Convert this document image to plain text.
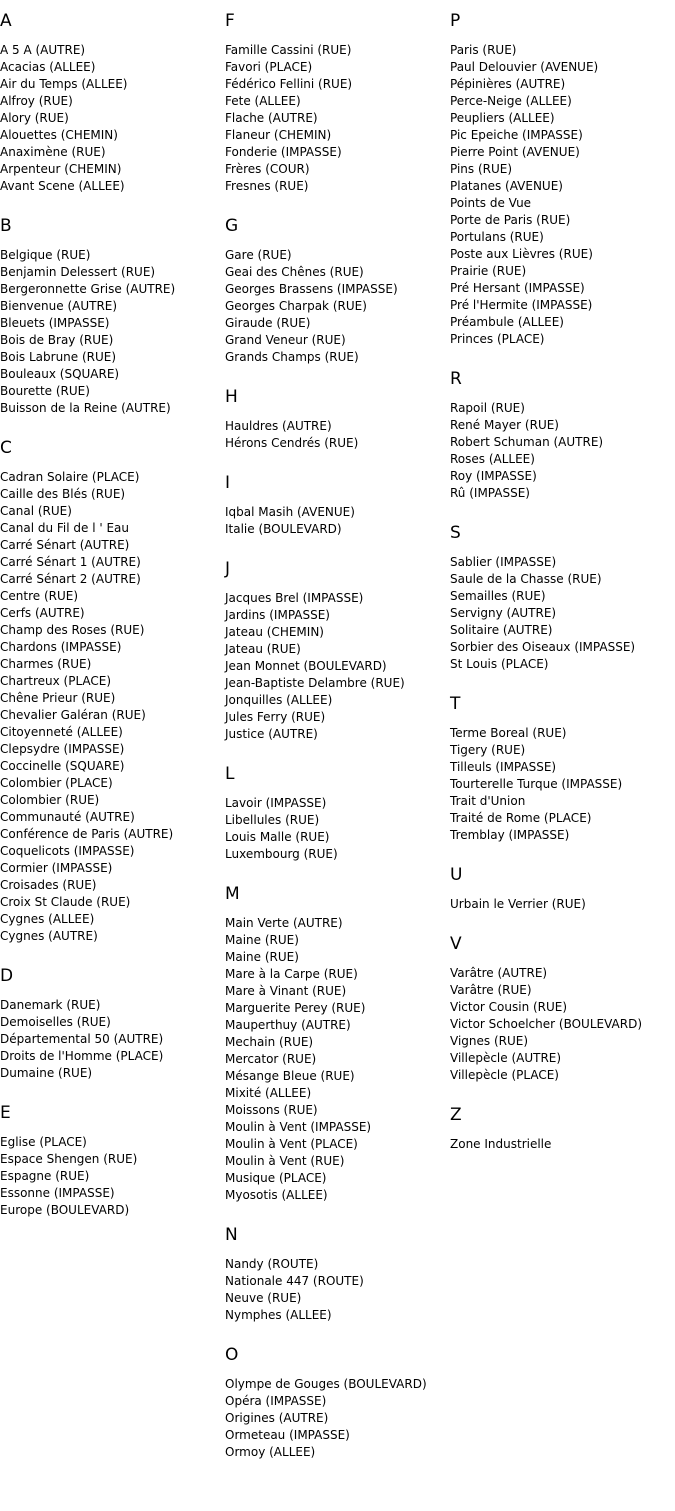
A
A 5 A (AUTRE)
Acacias (ALLEE)
Air du Temps (ALLEE)
Alfroy (RUE)
Alory (RUE)
Alouettes (CHEMIN)
Anaximène (RUE)
Arpenteur (CHEMIN)
Avant Scene (ALLEE)
B
Belgique (RUE)
Benjamin Delessert (RUE)
Bergeronnette Grise (AUTRE)
Bienvenue (AUTRE)
Bleuets (IMPASSE)
Bois de Bray (RUE)
Bois Labrune (RUE)
Bouleaux (SQUARE)
Bourette (RUE)
Buisson de la Reine (AUTRE)
C
Cadran Solaire (PLACE)
Caille des Blés (RUE)
Canal (RUE)
Canal du Fil de l ' Eau
Carré Sénart (AUTRE)
Carré Sénart 1 (AUTRE)
Carré Sénart 2 (AUTRE)
Centre (RUE)
Cerfs (AUTRE)
Champ des Roses (RUE)
Chardons (IMPASSE)
Charmes (RUE)
Chartreux (PLACE)
Chêne Prieur (RUE)
Chevalier Galéran (RUE)
Citoyenneté (ALLEE)
Clepsydre (IMPASSE)
Coccinelle (SQUARE)
Colombier (PLACE)
Colombier (RUE)
Communauté (AUTRE)
Conférence de Paris (AUTRE)
Coquelicots (IMPASSE)
Cormier (IMPASSE)
Croisades (RUE)
Croix St Claude (RUE)
Cygnes (ALLEE)
Cygnes (AUTRE)
D
Danemark (RUE)
Demoiselles (RUE)
Départemental 50 (AUTRE)
Droits de l'Homme (PLACE)
Dumaine (RUE)
E
Eglise (PLACE)
Espace Shengen (RUE)
Espagne (RUE)
Essonne (IMPASSE)
Europe (BOULEVARD)
F
Famille Cassini (RUE)
Favori (PLACE)
Fédérico Fellini (RUE)
Fete (ALLEE)
Flache (AUTRE)
Flaneur (CHEMIN)
Fonderie (IMPASSE)
Frères (COUR)
Fresnes (RUE)
G
Gare (RUE)
Geai des Chênes (RUE)
Georges Brassens (IMPASSE)
Georges Charpak (RUE)
Giraude (RUE)
Grand Veneur (RUE)
Grands Champs (RUE)
H
Hauldres (AUTRE)
Hérons Cendrés (RUE)
I
Iqbal Masih (AVENUE)
Italie (BOULEVARD)
J
Jacques Brel (IMPASSE)
Jardins (IMPASSE)
Jateau (CHEMIN)
Jateau (RUE)
Jean Monnet (BOULEVARD)
Jean-Baptiste Delambre (RUE)
Jonquilles (ALLEE)
Jules Ferry (RUE)
Justice (AUTRE)
L
Lavoir (IMPASSE)
Libellules (RUE)
Louis Malle (RUE)
Luxembourg (RUE)
M
Main Verte (AUTRE)
Maine (RUE)
Maine (RUE)
Mare à la Carpe (RUE)
Mare à Vinant (RUE)
Marguerite Perey (RUE)
Mauperthuy (AUTRE)
Mechain (RUE)
Mercator (RUE)
Mésange Bleue (RUE)
Mixité (ALLEE)
Moissons (RUE)
Moulin à Vent (IMPASSE)
Moulin à Vent (PLACE)
Moulin à Vent (RUE)
Musique (PLACE)
Myosotis (ALLEE)
N
Nandy (ROUTE)
Nationale 447 (ROUTE)
Neuve (RUE)
Nymphes (ALLEE)
O
Olympe de Gouges (BOULEVARD)
Opéra (IMPASSE)
Origines (AUTRE)
Ormeteau (IMPASSE)
Ormoy (ALLEE)
P
Paris (RUE)
Paul Delouvier (AVENUE)
Pépinières (AUTRE)
Perce-Neige (ALLEE)
Peupliers (ALLEE)
Pic Epeiche (IMPASSE)
Pierre Point (AVENUE)
Pins (RUE)
Platanes (AVENUE)
Points de Vue
Porte de Paris (RUE)
Portulans (RUE)
Poste aux Lièvres (RUE)
Prairie (RUE)
Pré Hersant (IMPASSE)
Pré l'Hermite (IMPASSE)
Préambule (ALLEE)
Princes (PLACE)
R
Rapoil (RUE)
René Mayer (RUE)
Robert Schuman (AUTRE)
Roses (ALLEE)
Roy (IMPASSE)
Rû (IMPASSE)
S
Sablier (IMPASSE)
Saule de la Chasse (RUE)
Semailles (RUE)
Servigny (AUTRE)
Solitaire (AUTRE)
Sorbier des Oiseaux (IMPASSE)
St Louis (PLACE)
T
Terme Boreal (RUE)
Tigery (RUE)
Tilleuls (IMPASSE)
Tourterelle Turque (IMPASSE)
Trait d'Union
Traité de Rome (PLACE)
Tremblay (IMPASSE)
U
Urbain le Verrier (RUE)
V
Varâtre (AUTRE)
Varâtre (RUE)
Victor Cousin (RUE)
Victor Schoelcher (BOULEVARD)
Vignes (RUE)
Villepècle (AUTRE)
Villepècle (PLACE)
Z
Zone Industrielle
